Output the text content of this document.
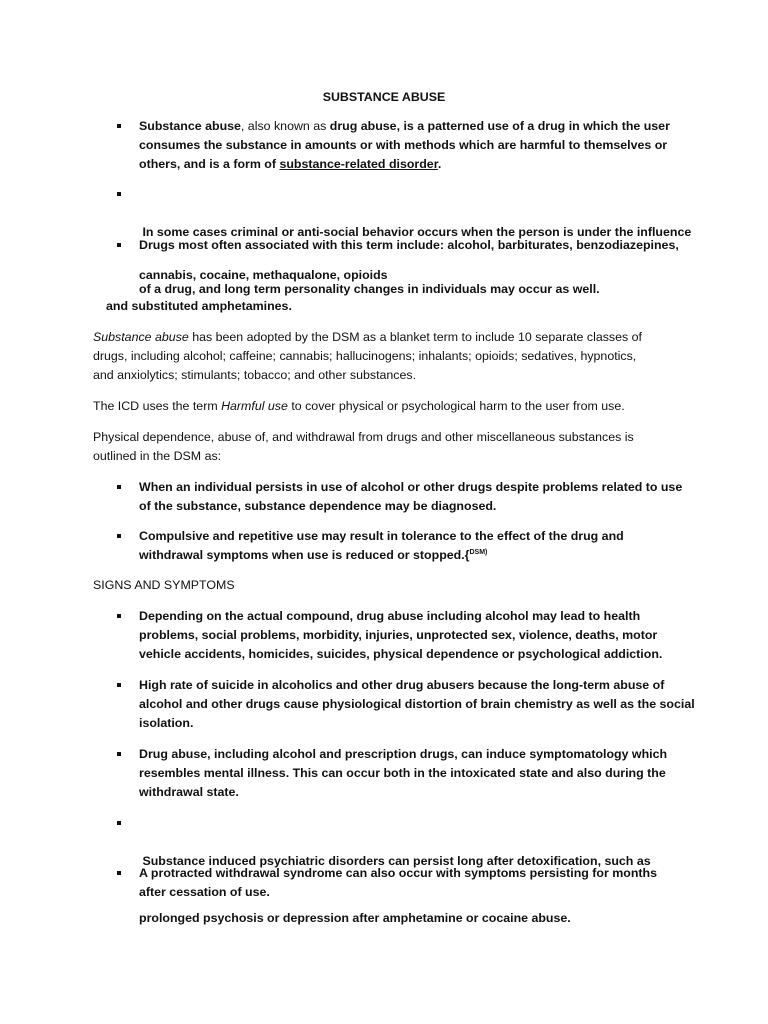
SUBSTANCE ABUSE

Substance abuse, also known as drug abuse, is a patterned use of a drug in which the user
consumes the substance in amounts or with methods which are harmful to themselves or
others, and is a form of substance-related disorder.

In some cases criminal or anti-social behavior occurs when the person is under the influence

of a drug, and long term personality changes in individuals may occur as well.

Drugs most often associated with this term include: alcohol, barbiturates, benzodiazepines,
cannabis, cocaine, methaqualone, opioids

and substituted amphetamines.

Substance abuse has been adopted by the DSM as a blanket term to include 10 separate classes of
drugs, including alcohol; caffeine; cannabis; hallucinogens; inhalants; opioids; sedatives, hypnotics,
and anxiolytics; stimulants; tobacco; and other substances.
The ICD uses the term Harmful use to cover physical or psychological harm to the user from use.
Physical dependence, abuse of, and withdrawal from drugs and other miscellaneous substances is
outlined in the DSM as:
When an individual persists in use of alcohol or other drugs despite problems related to use
of the substance, substance dependence may be diagnosed.
Compulsive and repetitive use may result in tolerance to the effect of the drug and
withdrawal symptoms when use is reduced or stopped.{$^{DSM)}$

SIGNS AND SYMPTOMS

Depending on the actual compound, drug abuse including alcohol may lead to health
problems, social problems, morbidity, injuries, unprotected sex, violence, deaths, motor
vehicle accidents, homicides, suicides, physical dependence or psychological addiction.
High rate of suicide in alcoholics and other drug abusers because the long-term abuse of
alcohol and other drugs cause physiological distortion of brain chemistry as well as the social
isolation.
Drug abuse, including alcohol and prescription drugs, can induce symptomatology which
resembles mental illness. This can occur both in the intoxicated state and also during the
withdrawal state.

Substance induced psychiatric disorders can persist long after detoxification, such as

prolonged psychosis or depression after amphetamine or cocaine abuse.

A protracted withdrawal syndrome can also occur with symptoms persisting for months
after cessation of use.
